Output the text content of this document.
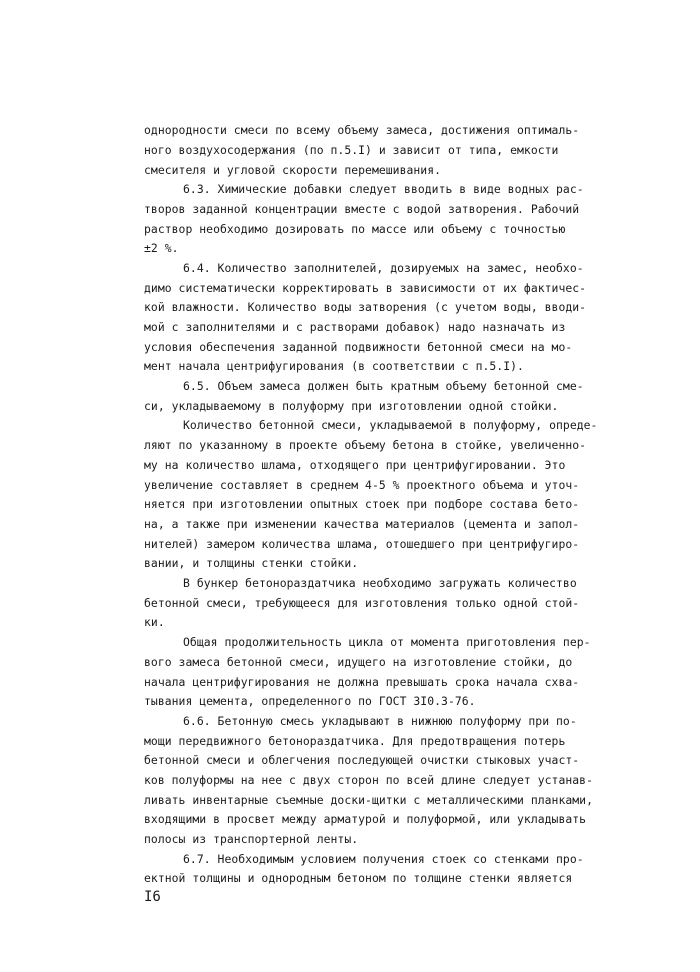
однородности смеси по всему объему замеса, достижения оптималь-
ного воздухосодержания (по п.5.I) и зависит от типа, емкости
смесителя и угловой скорости перемешивания.
6.3. Химические добавки следует вводить в виде водных рас-
творов заданной концентрации вместе с водой затворения. Рабочий
раствор необходимо дозировать по массе или объему с точностью
±2 %.
6.4. Количество заполнителей, дозируемых на замес, необхо-
димо систематически корректировать в зависимости от их фактичес-
кой влажности. Количество воды затворения (с учетом воды, вводи-
мой с заполнителями и с растворами добавок) надо назначать из
условия обеспечения заданной подвижности бетонной смеси на мо-
мент начала центрифугирования (в соответствии с п.5.I).
6.5. Объем замеса должен быть кратным объему бетонной сме-
си, укладываемому в полуформу при изготовлении одной стойки.
Количество бетонной смеси, укладываемой в полуформу, опреде-
ляют по указанному в проекте объему бетона в стойке, увеличенно-
му на количество шлама, отходящего при центрифугировании. Это
увеличение составляет в среднем 4-5 % проектного объема и уточ-
няется при изготовлении опытных стоек при подборе состава бето-
на, а также при изменении качества материалов (цемента и запол-
нителей) замером количества шлама, отошедшего при центрифугиро-
вании, и толщины стенки стойки.
В бункер бетонораздатчика необходимо загружать количество
бетонной смеси, требующееся для изготовления только одной стой-
ки.
Общая продолжительность цикла от момента приготовления пер-
вого замеса бетонной смеси, идущего на изготовление стойки, до
начала центрифугирования не должна превышать срока начала схва-
тывания цемента, определенного по ГОСТ 3I0.3-76.
6.6. Бетонную смесь укладывают в нижнюю полуформу при по-
мощи передвижного бетонораздатчика. Для предотвращения потерь
бетонной смеси и облегчения последующей очистки стыковых участ-
ков полуформы на нее с двух сторон по всей длине следует устанав-
ливать инвентарные съемные доски-щитки с металлическими планками,
входящими в просвет между арматурой и полуформой, или укладывать
полосы из транспортерной ленты.
6.7. Необходимым условием получения стоек со стенками про-
ектной толщины и однородным бетоном по толщине стенки является
I6
